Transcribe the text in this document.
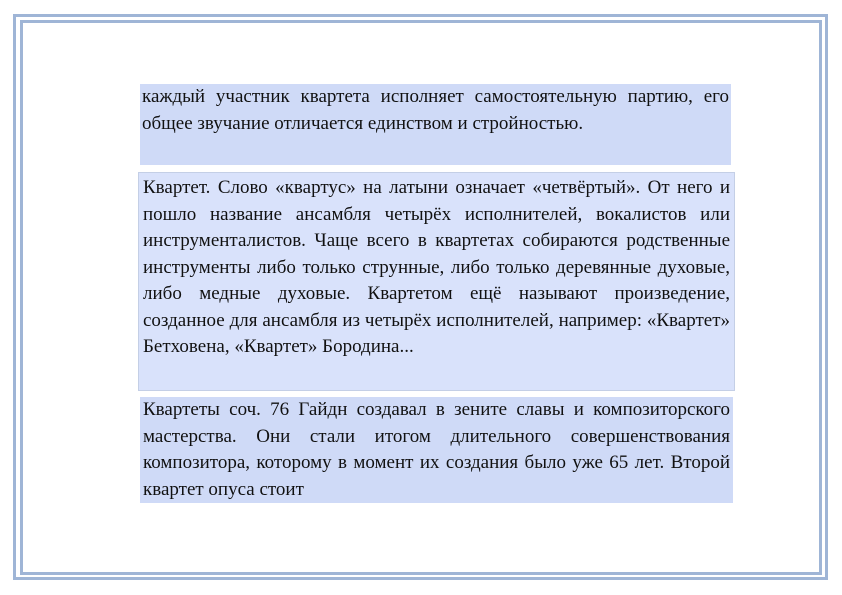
каждый участник квартета исполняет самостоятельную партию, его общее звучание отличается единством и стройностью.
Квартет. Слово «квартус» на латыни означает «четвёртый». От него и пошло название ансамбля четырёх исполнителей, вокалистов или инструменталистов. Чаще всего в квартетах собираются родственные инструменты либо только струнные, либо только деревянные духовые, либо медные духовые. Квартетом ещё называют произведение, созданное для ансамбля из четырёх исполнителей, например: «Квартет» Бетховена, «Квартет» Бородина...
Квартеты соч. 76 Гайдн создавал в зените славы и композиторского мастерства. Они стали итогом длительного совершенствования композитора, которому в момент их создания было уже 65 лет. Второй квартет опуса стоит
